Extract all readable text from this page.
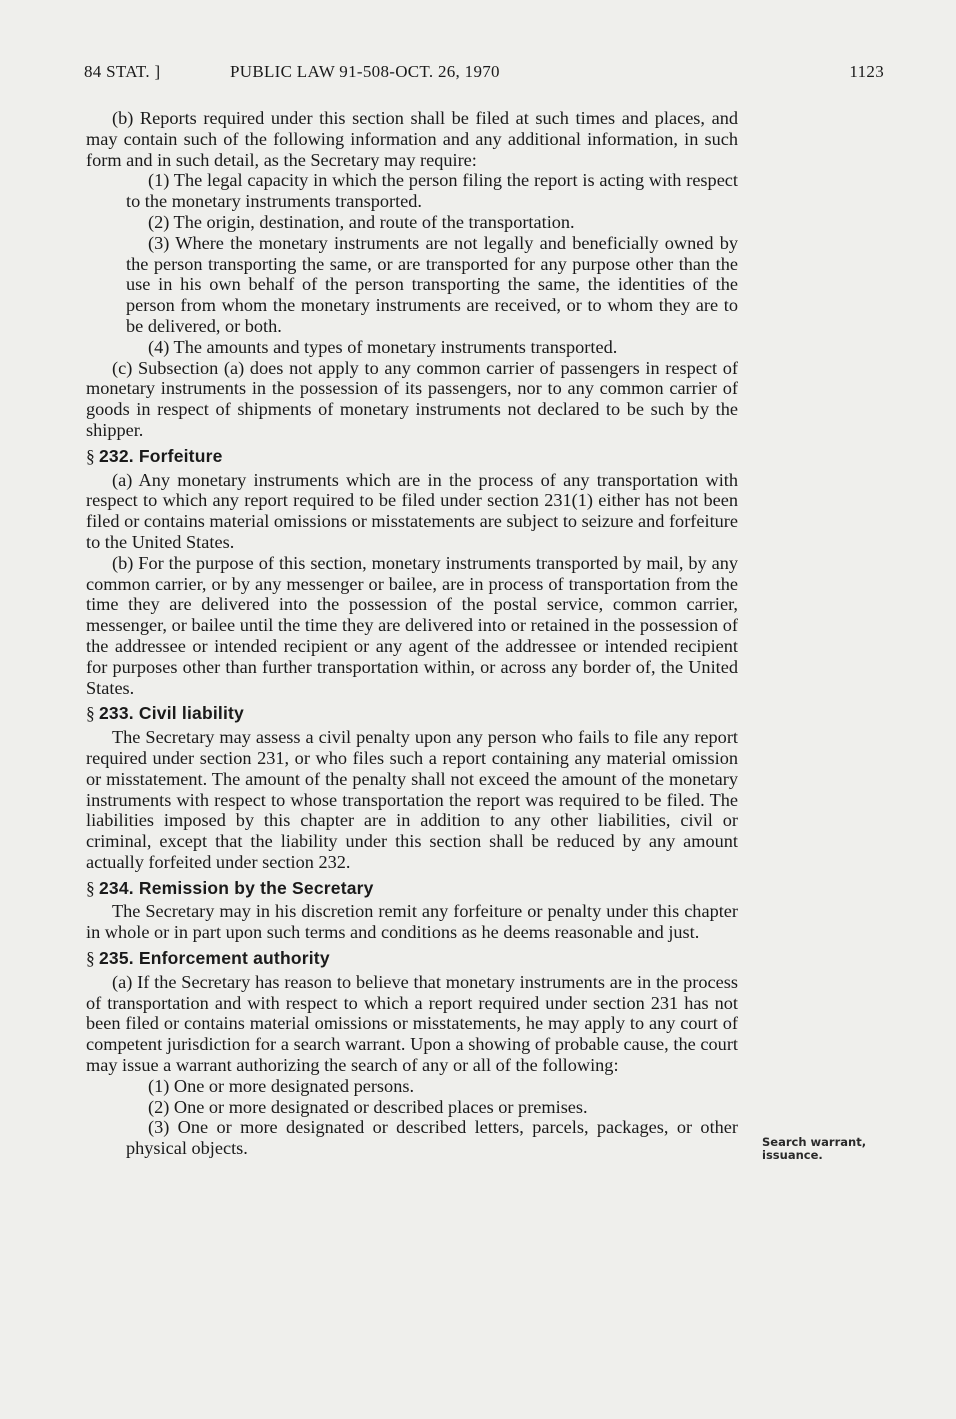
84 STAT. ]	PUBLIC LAW 91-508-OCT. 26, 1970	1123

(b) Reports required under this section shall be filed at such times and places, and may contain such of the following information and any additional information, in such form and in such detail, as the Secretary may require:

(1) The legal capacity in which the person filing the report is acting with respect to the monetary instruments transported.

(2) The origin, destination, and route of the transportation.

(3) Where the monetary instruments are not legally and beneficially owned by the person transporting the same, or are transported for any purpose other than the use in his own behalf of the person transporting the same, the identities of the person from whom the monetary instruments are received, or to whom they are to be delivered, or both.

(4) The amounts and types of monetary instruments transported.

(c) Subsection (a) does not apply to any common carrier of passengers in respect of monetary instruments in the possession of its passengers, nor to any common carrier of goods in respect of shipments of monetary instruments not declared to be such by the shipper.

§ 232. Forfeiture

(a) Any monetary instruments which are in the process of any transportation with respect to which any report required to be filed under section 231(1) either has not been filed or contains material omissions or misstatements are subject to seizure and forfeiture to the United States.

(b) For the purpose of this section, monetary instruments transported by mail, by any common carrier, or by any messenger or bailee, are in process of transportation from the time they are delivered into the possession of the postal service, common carrier, messenger, or bailee until the time they are delivered into or retained in the possession of the addressee or intended recipient or any agent of the addressee or intended recipient for purposes other than further transportation within, or across any border of, the United States.

§ 233. Civil liability

The Secretary may assess a civil penalty upon any person who fails to file any report required under section 231, or who files such a report containing any material omission or misstatement. The amount of the penalty shall not exceed the amount of the monetary instruments with respect to whose transportation the report was required to be filed. The liabilities imposed by this chapter are in addition to any other liabilities, civil or criminal, except that the liability under this section shall be reduced by any amount actually forfeited under section 232.

§ 234. Remission by the Secretary

The Secretary may in his discretion remit any forfeiture or penalty under this chapter in whole or in part upon such terms and conditions as he deems reasonable and just.

§ 235. Enforcement authority

(a) If the Secretary has reason to believe that monetary instruments are in the process of transportation and with respect to which a report required under section 231 has not been filed or contains material omissions or misstatements, he may apply to any court of competent jurisdiction for a search warrant. Upon a showing of probable cause, the court may issue a warrant authorizing the search of any or all of the following:

(1) One or more designated persons.

(2) One or more designated or described places or premises.

(3) One or more designated or described letters, parcels, packages, or other physical objects.	Search warrant, issuance.
